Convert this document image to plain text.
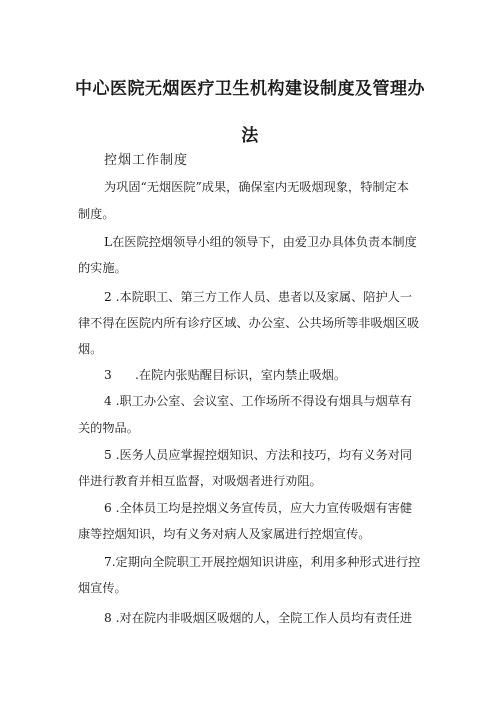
中心医院无烟医疗卫生机构建设制度及管理办
法
控烟工作制度
为巩固“无烟医院”成果，确保室内无吸烟现象，特制定本
制度。
L在医院控烟领导小组的领导下，由爱卫办具体负责本制度
的实施。
2 .本院职工、第三方工作人员、患者以及家属、陪护人一
律不得在医院内所有诊疗区域、办公室、公共场所等非吸烟区吸
烟。
3      .在院内张贴醒目标识，室内禁止吸烟。
4 .职工办公室、会议室、工作场所不得设有烟具与烟草有
关的物品。
5 .医务人员应掌握控烟知识、方法和技巧，均有义务对同
伴进行教育并相互监督，对吸烟者进行劝阻。
6 .全体员工均是控烟义务宣传员，应大力宣传吸烟有害健
康等控烟知识，均有义务对病人及家属进行控烟宣传。
7.定期向全院职工开展控烟知识讲座，利用多种形式进行控
烟宣传。
8 .对在院内非吸烟区吸烟的人，全院工作人员均有责任进
